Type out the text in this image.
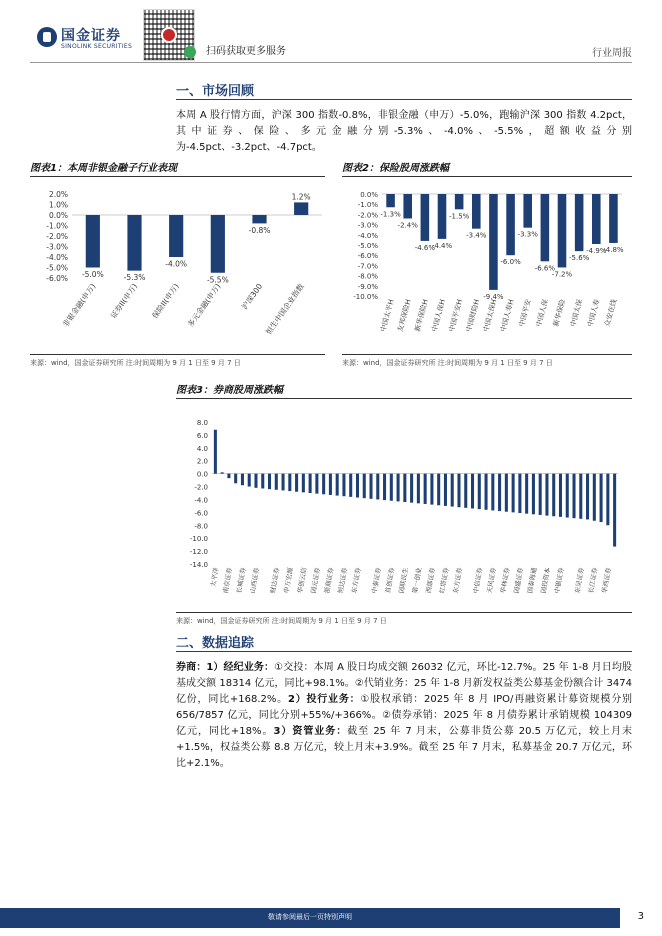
国金证券
SINOLINK SECURITIES	扫码获取更多服务	行业周报
一、市场回顾
本周 A 股行情方面，沪深 300 指数-0.8%，非银金融（申万）-5.0%，跑输沪深 300 指数 4.2pct，其中证券、保险、多元金融分别-5.3%、-4.0%、-5.5%，超额收益分别为-4.5pct、-3.2pct、-4.7pct。
图表1：本周非银金融子行业表现
2.0%
1.0%
0.0%
-1.0%
-2.0%
-3.0%
-4.0%
-5.0%
-6.0% -5.0%	-5.3%
-4.0%
-5.5%
-0.8%
1.2%
非银金融(申万) 证券II(申万) 保险II(申万) 多元金融(申万) 沪深300 恒生中国企业指数
来源：wind，国金证券研究所 注:时间周期为 9 月 1 日至 9 月 7 日
图表2：保险股周涨跌幅
0.0%
-1.0%
-2.0%
-3.0%
-4.0%
-5.0%
-6.0%
-7.0%
-8.0%
-9.0%
-10.0%
-1.3%
-2.4%
-4.6%
-4.4%
-1.5%
-3.4%
-9.4%
-6.0%
-3.3%
-6.6%
-7.2%
-5.6%
-4.9%
-4.8%
中国太平H 友邦保险H 新华保险H 中国人保H 中国平安H 中国财险H 中国太保H 中国人寿H 中国平安 中国人保 新华保险 中国太保 中国人寿 众安在线
来源：wind，国金证券研究所 注:时间周期为 9 月 1 日至 9 月 7 日
图表3：券商股周涨跌幅
8.0
6.0
4.0
2.0
0.0
-2.0
-4.0
-6.0
-8.0
-10.0
-12.0
-14.0
太平洋 南京证券 长城证券 山西证券 财达证券 申万宏源 华创云信 国元证券 浙商证券 恒达证券 东方证券 中泰证券 首创证券 国联民生 第一创业 西部证券 红塔证券 东方证券 中信证券 天风证券 华林证券 国盛证券 国泰海通 国投资本 中银证券 东吴证券 长江证券 华西证券
来源：wind，国金证券研究所 注:时间周期为 9 月 1 日至 9 月 7 日
二、数据追踪
券商：1）经纪业务：①交投：本周 A 股日均成交额 26032 亿元，环比-12.7%。25 年 1-8 月日均股基成交额 18314 亿元，同比+98.1%。②代销业务：25 年 1-8 月新发权益类公募基金份额合计 3474 亿份，同比+168.2%。2）投行业务：①股权承销：2025 年 8 月 IPO/再融资累计募资规模分别 656/7857 亿元，同比分别+55%/+366%。②债券承销：2025 年 8 月债券累计承销规模 104309 亿元，同比+18%。3）资管业务：截至 25 年 7 月末，公募非货公募 20.5 万亿元，较上月末+1.5%，权益类公募 8.8 万亿元，较上月末+3.9%。截至 25 年 7 月末，私募基金 20.7 万亿元，环比+2.1%。
敬请参阅最后一页特别声明	3
